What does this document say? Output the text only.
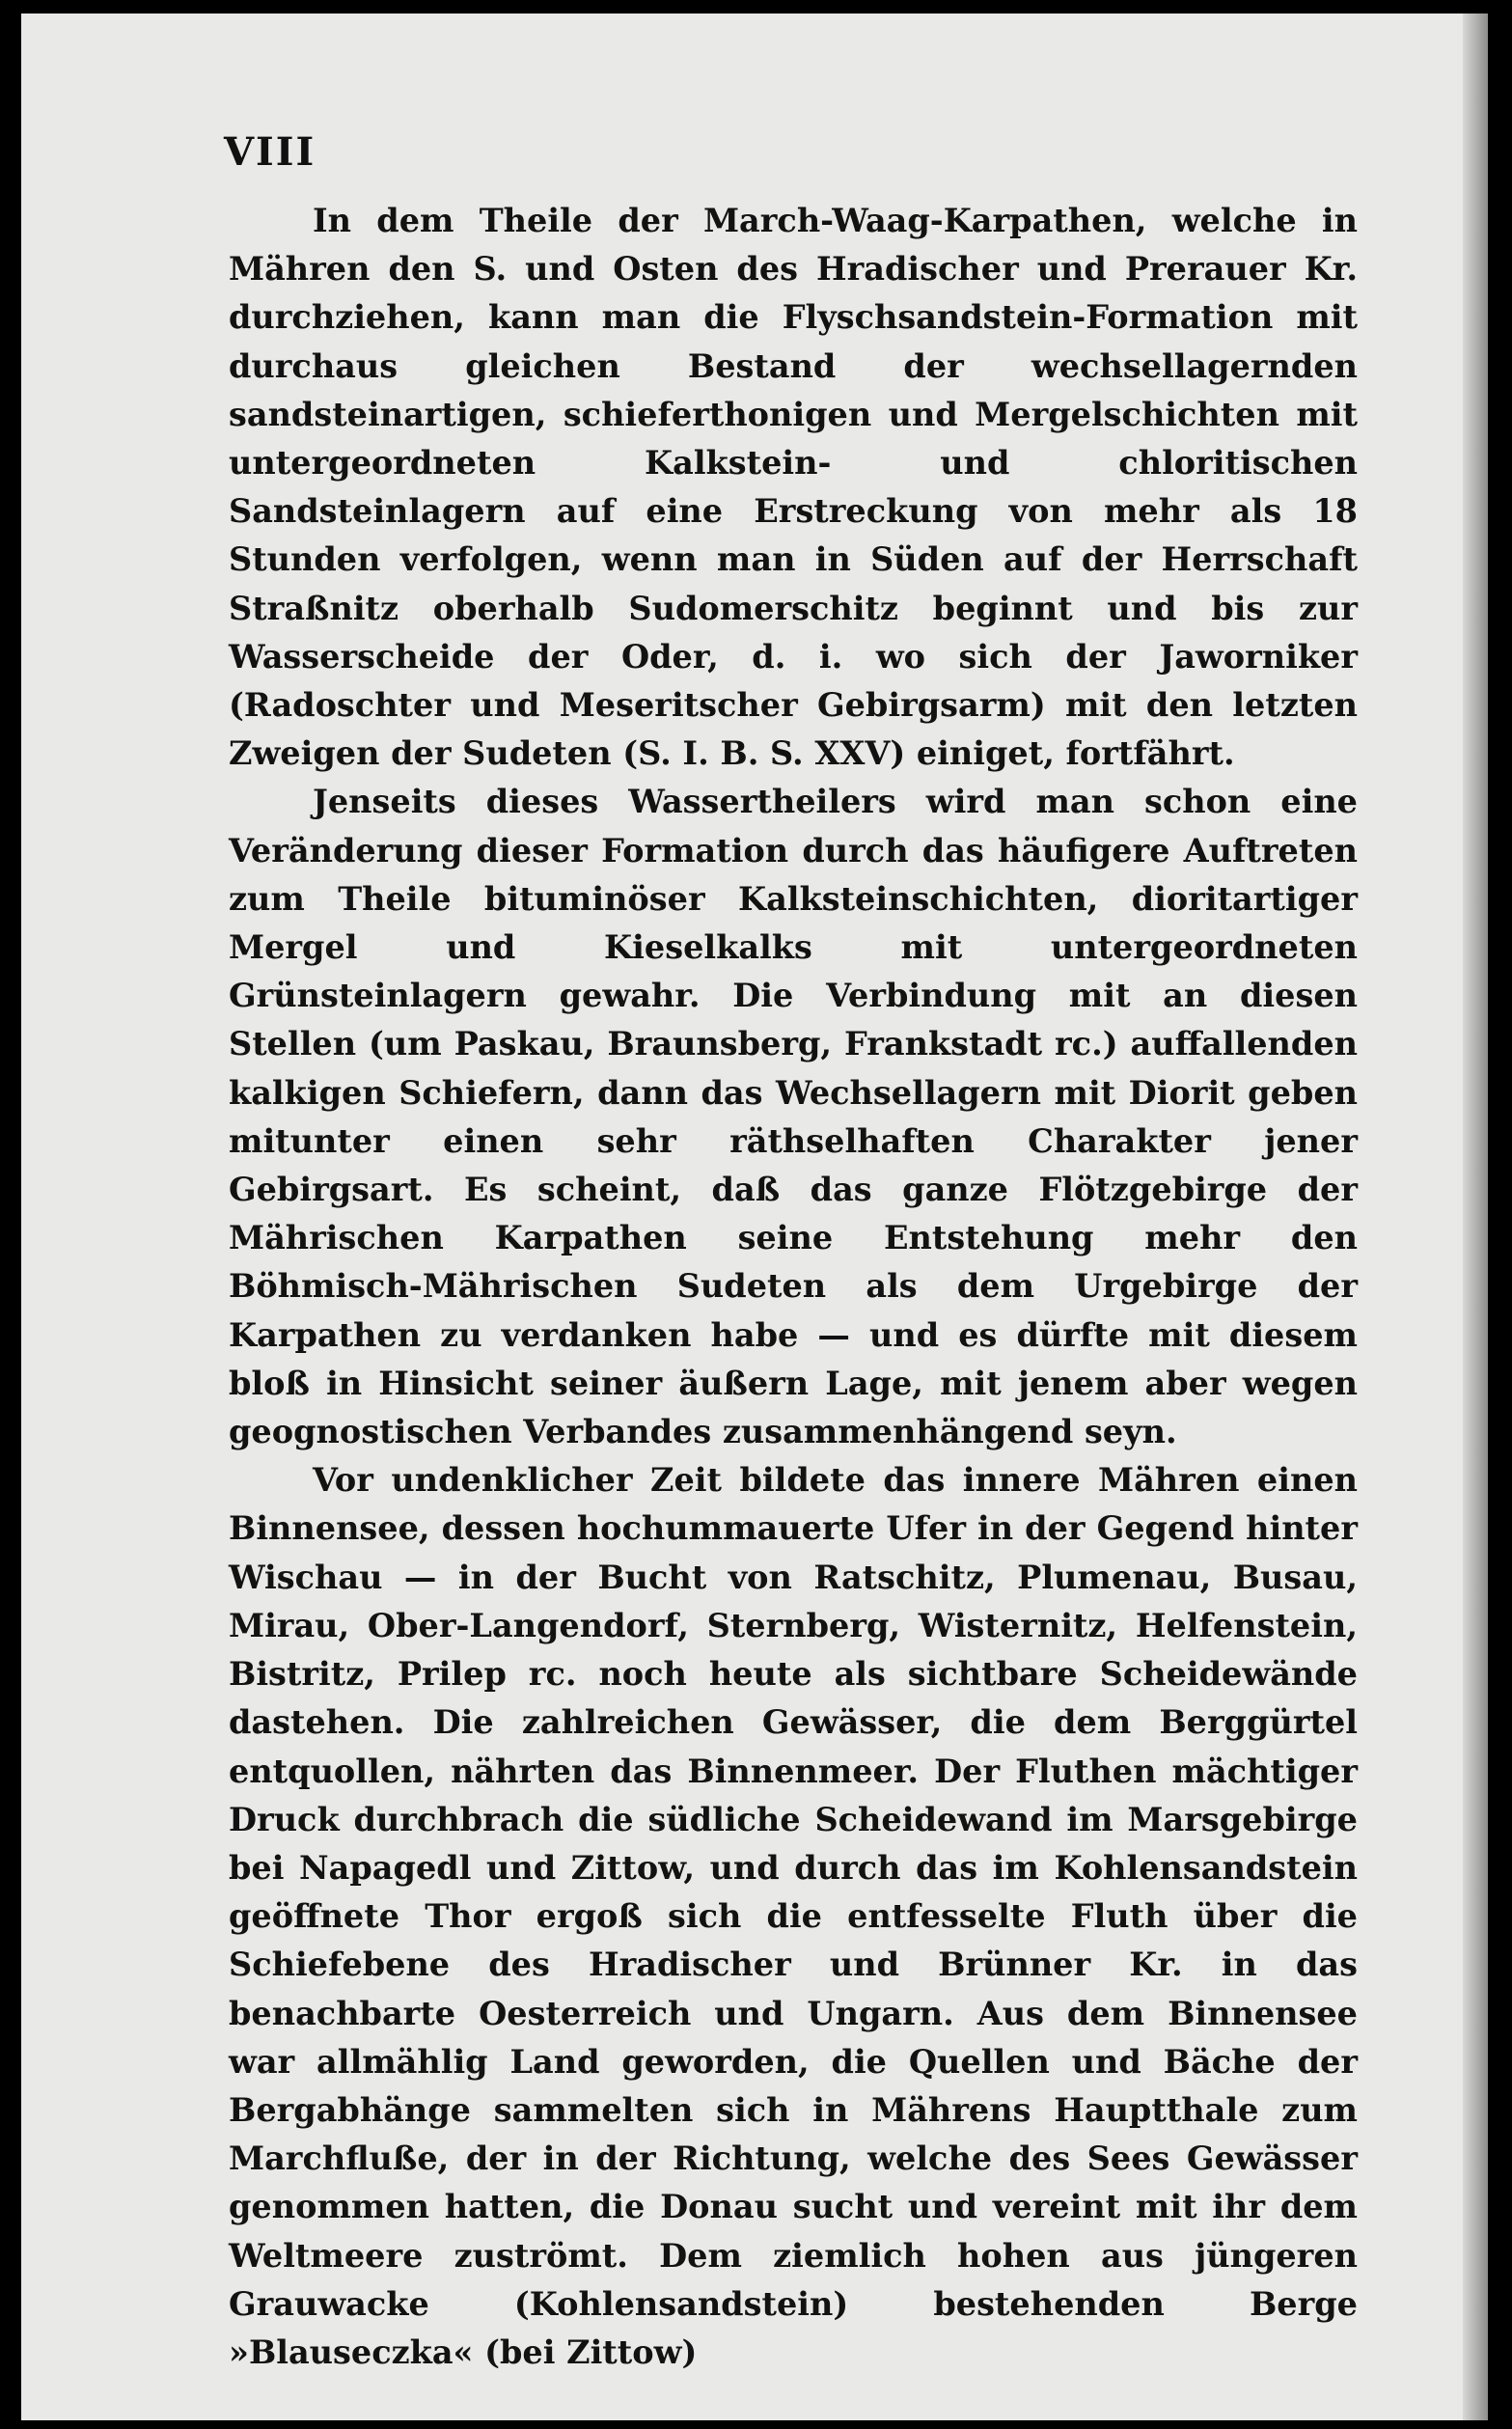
VIII

In dem Theile der March-Waag-Karpathen, welche in Mähren den S. und Osten des Hradischer und Prerauer Kr. durchziehen, kann man die Flyschsandstein-Formation mit durchaus gleichen Bestand der wechsellagernden sandsteinartigen, schieferthonigen und Mergelschichten mit untergeordneten Kalkstein- und chloritischen Sandsteinlagern auf eine Erstreckung von mehr als 18 Stunden verfolgen, wenn man in Süden auf der Herrschaft Straßnitz oberhalb Sudomerschitz beginnt und bis zur Wasserscheide der Oder, d. i. wo sich der Jaworniker (Radoschter und Meseritscher Gebirgsarm) mit den letzten Zweigen der Sudeten (S. I. B. S. XXV) einiget, fortfährt.

Jenseits dieses Wassertheilers wird man schon eine Veränderung dieser Formation durch das häufigere Auftreten zum Theile bituminöser Kalksteinschichten, dioritartiger Mergel und Kieselkalks mit untergeordneten Grünsteinlagern gewahr. Die Verbindung mit an diesen Stellen (um Paskau, Braunsberg, Frankstadt rc.) auffallenden kalkigen Schiefern, dann das Wechsellagern mit Diorit geben mitunter einen sehr räthselhaften Charakter jener Gebirgsart. Es scheint, daß das ganze Flötzgebirge der Mährischen Karpathen seine Entstehung mehr den Böhmisch-Mährischen Sudeten als dem Urgebirge der Karpathen zu verdanken habe — und es dürfte mit diesem bloß in Hinsicht seiner äußern Lage, mit jenem aber wegen geognostischen Verbandes zusammenhängend seyn.

Vor undenklicher Zeit bildete das innere Mähren einen Binnensee, dessen hochummauerte Ufer in der Gegend hinter Wischau — in der Bucht von Ratschitz, Plumenau, Busau, Mirau, Ober-Langendorf, Sternberg, Wisternitz, Helfenstein, Bistritz, Prilep rc. noch heute als sichtbare Scheidewände dastehen. Die zahlreichen Gewässer, die dem Berggürtel entquollen, nährten das Binnenmeer. Der Fluthen mächtiger Druck durchbrach die südliche Scheidewand im Marsgebirge bei Napagedl und Zittow, und durch das im Kohlensandstein geöffnete Thor ergoß sich die entfesselte Fluth über die Schiefebene des Hradischer und Brünner Kr. in das benachbarte Oesterreich und Ungarn. Aus dem Binnensee war allmählig Land geworden, die Quellen und Bäche der Bergabhänge sammelten sich in Mährens Hauptthale zum Marchfluße, der in der Richtung, welche des Sees Gewässer genommen hatten, die Donau sucht und vereint mit ihr dem Weltmeere zuströmt. Dem ziemlich hohen aus jüngeren Grauwacke (Kohlensandstein) bestehenden Berge »Blauseczka« (bei Zittow)
